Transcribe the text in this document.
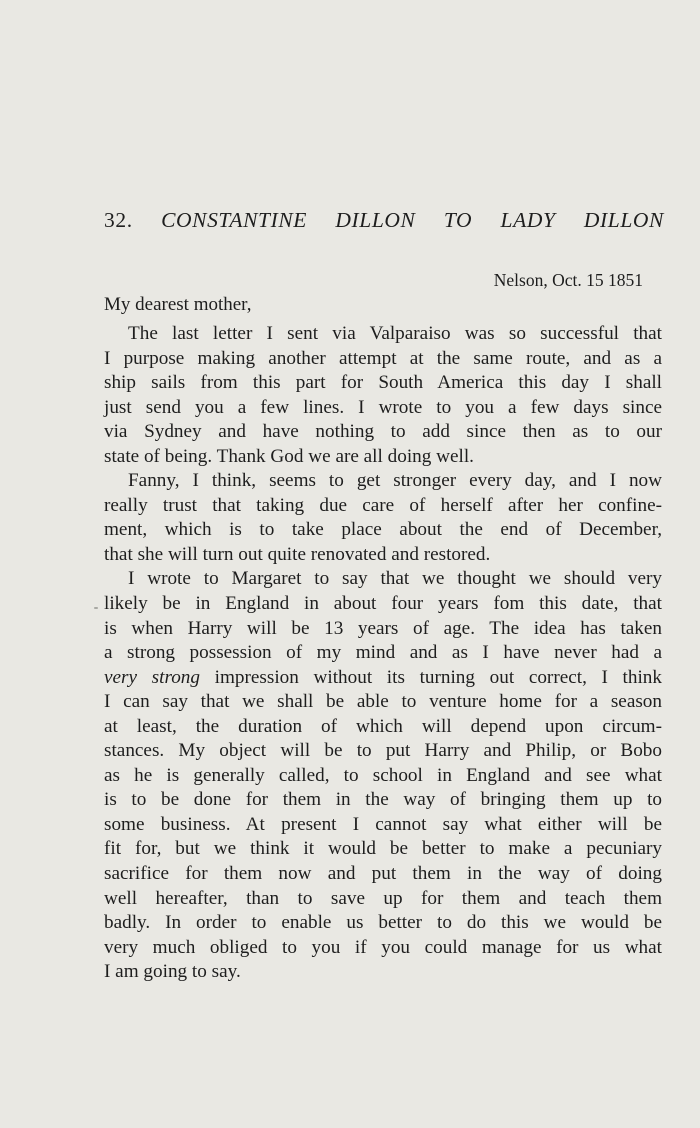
32. CONSTANTINE DILLON TO LADY DILLON
Nelson, Oct. 15 1851
My dearest mother,
The last letter I sent via Valparaiso was so successful that
I purpose making another attempt at the same route, and as a
ship sails from this part for South America this day I shall
just send you a few lines. I wrote to you a few days since
via Sydney and have nothing to add since then as to our
state of being. Thank God we are all doing well.
Fanny, I think, seems to get stronger every day, and I now
really trust that taking due care of herself after her confine-
ment, which is to take place about the end of December,
that she will turn out quite renovated and restored.
I wrote to Margaret to say that we thought we should very
likely be in England in about four years fom this date, that
is when Harry will be 13 years of age. The idea has taken
a strong possession of my mind and as I have never had a
very strong impression without its turning out correct, I think
I can say that we shall be able to venture home for a season
at least, the duration of which will depend upon circum-
stances. My object will be to put Harry and Philip, or Bobo
as he is generally called, to school in England and see what
is to be done for them in the way of bringing them up to
some business. At present I cannot say what either will be
fit for, but we think it would be better to make a pecuniary
sacrifice for them now and put them in the way of doing
well hereafter, than to save up for them and teach them
badly. In order to enable us better to do this we would be
very much obliged to you if you could manage for us what
I am going to say.
